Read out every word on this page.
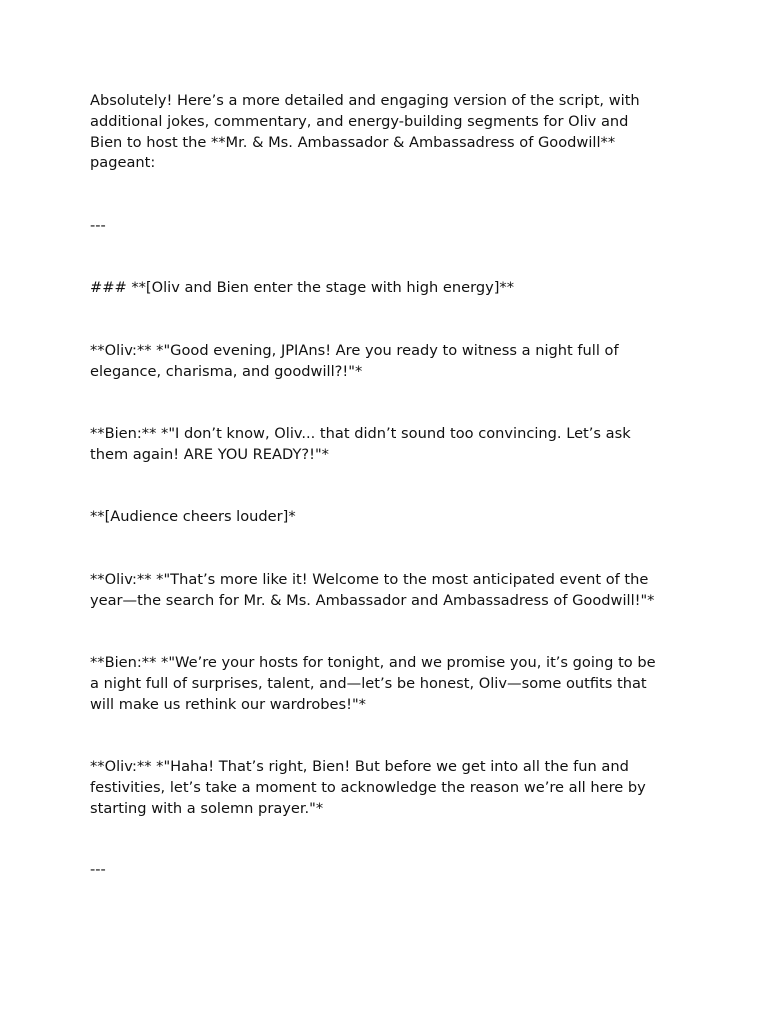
Absolutely! Here’s a more detailed and engaging version of the script, with
additional jokes, commentary, and energy-building segments for Oliv and
Bien to host the **Mr. & Ms. Ambassador & Ambassadress of Goodwill**
pageant:

---

### **[Oliv and Bien enter the stage with high energy]**

**Oliv:** *"Good evening, JPIAns! Are you ready to witness a night full of
elegance, charisma, and goodwill?!"*

**Bien:** *"I don’t know, Oliv... that didn’t sound too convincing. Let’s ask
them again! ARE YOU READY?!"*

**[Audience cheers louder]*

**Oliv:** *"That’s more like it! Welcome to the most anticipated event of the
year—the search for Mr. & Ms. Ambassador and Ambassadress of Goodwill!"*

**Bien:** *"We’re your hosts for tonight, and we promise you, it’s going to be
a night full of surprises, talent, and—let’s be honest, Oliv—some outfits that
will make us rethink our wardrobes!"*

**Oliv:** *"Haha! That’s right, Bien! But before we get into all the fun and
festivities, let’s take a moment to acknowledge the reason we’re all here by
starting with a solemn prayer."*

---
